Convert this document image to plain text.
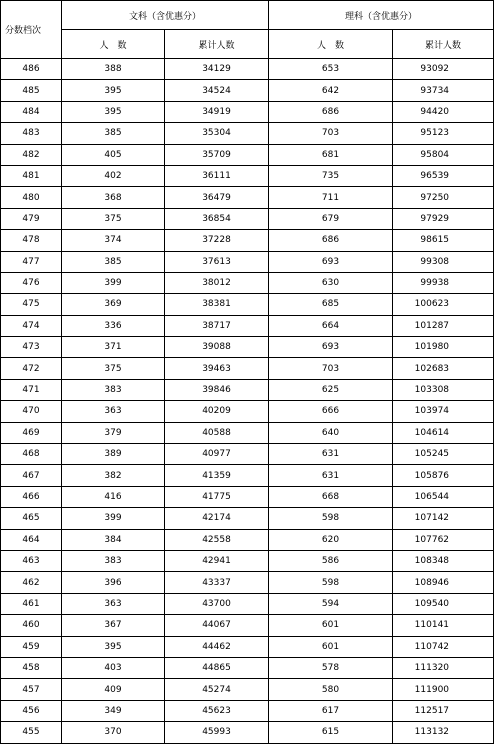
分数档次	文科（含优惠分）		理科（含优惠分）	
	人　数	累计人数	人　数	累计人数
486	388	34129	653	93092
485	395	34524	642	93734
484	395	34919	686	94420
483	385	35304	703	95123
482	405	35709	681	95804
481	402	36111	735	96539
480	368	36479	711	97250
479	375	36854	679	97929
478	374	37228	686	98615
477	385	37613	693	99308
476	399	38012	630	99938
475	369	38381	685	100623
474	336	38717	664	101287
473	371	39088	693	101980
472	375	39463	703	102683
471	383	39846	625	103308
470	363	40209	666	103974
469	379	40588	640	104614
468	389	40977	631	105245
467	382	41359	631	105876
466	416	41775	668	106544
465	399	42174	598	107142
464	384	42558	620	107762
463	383	42941	586	108348
462	396	43337	598	108946
461	363	43700	594	109540
460	367	44067	601	110141
459	395	44462	601	110742
458	403	44865	578	111320
457	409	45274	580	111900
456	349	45623	617	112517
455	370	45993	615	113132
